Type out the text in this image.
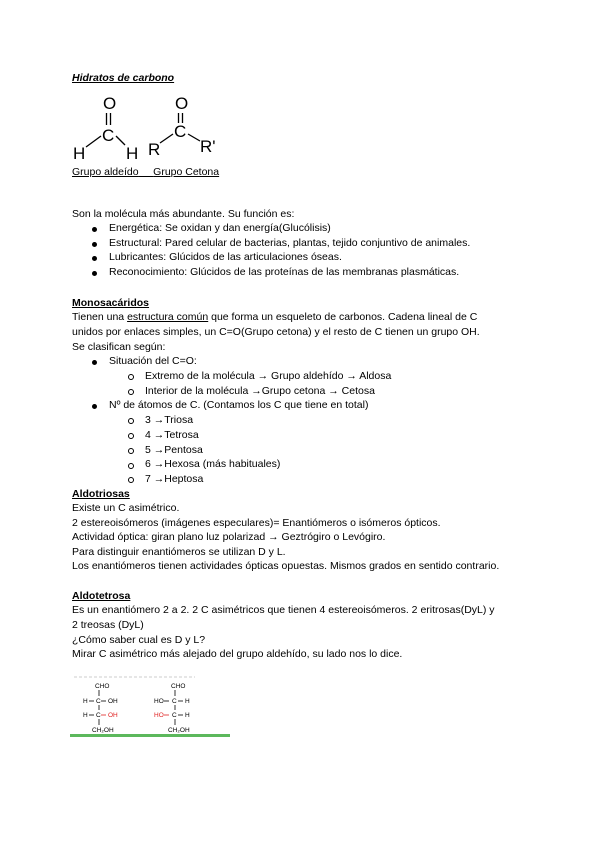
Hidratos de carbono
O
C
H H
O
C
R R'
Grupo aldeído Grupo Cetona
Son la molécula más abundante. Su función es:
Energética: Se oxidan y dan energía(Glucólisis)
Estructural: Pared celular de bacterias, plantas, tejido conjuntivo de animales.
Lubricantes: Glúcidos de las articulaciones óseas.
Reconocimiento: Glúcidos de las proteínas de las membranas plasmáticas.
Monosacáridos
Tienen una estructura común que forma un esqueleto de carbonos. Cadena lineal de C
unidos por enlaces simples, un C=O(Grupo cetona) y el resto de C tienen un grupo OH.
Se clasifican según:
Situación del C=O:
Extremo de la molécula → Grupo aldehído → Aldosa
Interior de la molécula →Grupo cetona → Cetosa
Nº de átomos de C. (Contamos los C que tiene en total)
3 →Triosa
4 →Tetrosa
5 →Pentosa
6 →Hexosa (más habituales)
7 →Heptosa
Aldotriosas
Existe un C asimétrico.
2 estereoisómeros (imágenes especulares)= Enantiómeros o isómeros ópticos.
Actividad óptica: giran plano luz polarizad → Geztrógiro o Levógiro.
Para distinguir enantiómeros se utilizan D y L.
Los enantiómeros tienen actividades ópticas opuestas. Mismos grados en sentido contrario.
Aldotetrosa
Es un enantiómero 2 a 2. 2 C asimétricos que tienen 4 estereoisómeros. 2 eritrosas(DyL) y
2 treosas (DyL)
¿Cómo saber cual es D y L?
Mirar C asimétrico más alejado del grupo aldehído, su lado nos lo dice.
CHO
H C OH
H C OH
CH₂OH
CHO
HO C H
HO C H
CH₂OH
